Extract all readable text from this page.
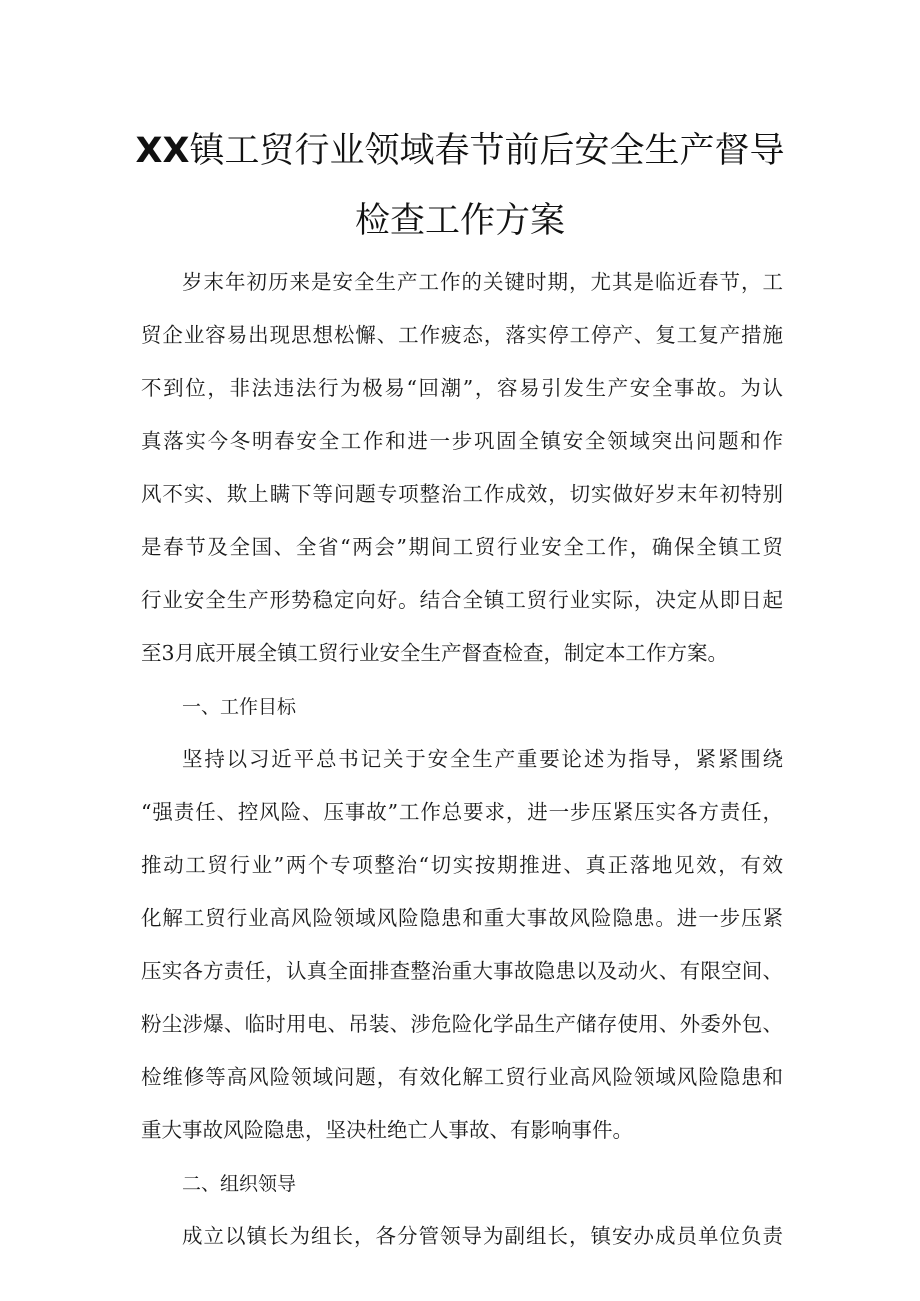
XX镇工贸行业领域春节前后安全生产督导
检查工作方案
岁末年初历来是安全生产工作的关键时期，尤其是临近春节，工
贸企业容易出现思想松懈、工作疲态，落实停工停产、复工复产措施
不到位，非法违法行为极易“回潮”，容易引发生产安全事故。为认
真落实今冬明春安全工作和进一步巩固全镇安全领域突出问题和作
风不实、欺上瞒下等问题专项整治工作成效，切实做好岁末年初特别
是春节及全国、全省“两会”期间工贸行业安全工作，确保全镇工贸
行业安全生产形势稳定向好。结合全镇工贸行业实际，决定从即日起
至3月底开展全镇工贸行业安全生产督查检查，制定本工作方案。
一、工作目标
坚持以习近平总书记关于安全生产重要论述为指导，紧紧围绕
“强责任、控风险、压事故”工作总要求，进一步压紧压实各方责任，
推动工贸行业”两个专项整治“切实按期推进、真正落地见效，有效
化解工贸行业高风险领域风险隐患和重大事故风险隐患。进一步压紧
压实各方责任，认真全面排查整治重大事故隐患以及动火、有限空间、
粉尘涉爆、临时用电、吊装、涉危险化学品生产储存使用、外委外包、
检维修等高风险领域问题，有效化解工贸行业高风险领域风险隐患和
重大事故风险隐患，坚决杜绝亡人事故、有影响事件。
二、组织领导
成立以镇长为组长，各分管领导为副组长，镇安办成员单位负责
